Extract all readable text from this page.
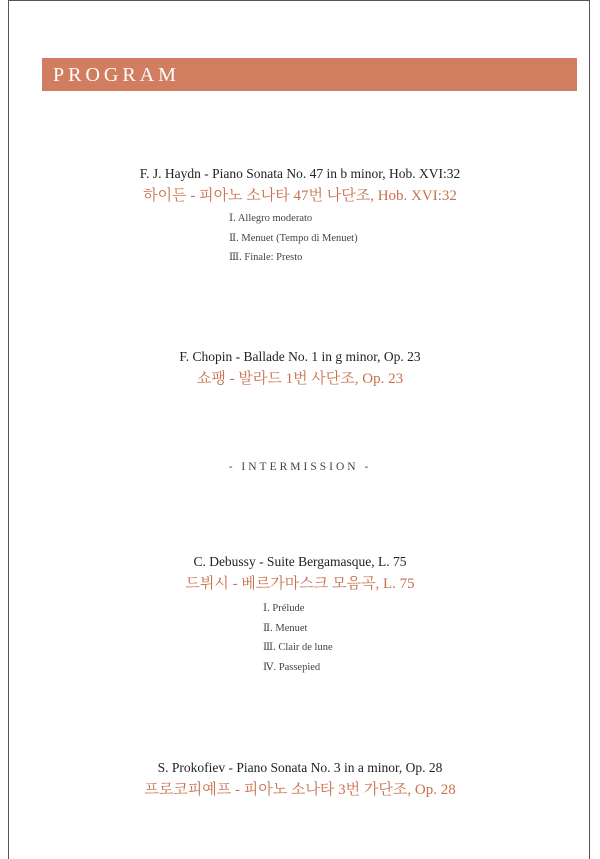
PROGRAM
F. J. Haydn - Piano Sonata No. 47 in b minor, Hob. XVI:32
하이든 - 피아노 소나타 47번 나단조, Hob. XVI:32
Ⅰ. Allegro moderato
Ⅱ. Menuet (Tempo di Menuet)
Ⅲ. Finale: Presto
F. Chopin - Ballade No. 1 in g minor, Op. 23
쇼팽 - 발라드 1번 사단조, Op. 23
- INTERMISSION -
C. Debussy - Suite Bergamasque, L. 75
드뷔시 - 베르가마스크 모음곡, L. 75
Ⅰ. Prélude
Ⅱ. Menuet
Ⅲ. Clair de lune
Ⅳ. Passepied
S. Prokofiev - Piano Sonata No. 3 in a minor, Op. 28
프로코피예프 - 피아노 소나타 3번 가단조, Op. 28
